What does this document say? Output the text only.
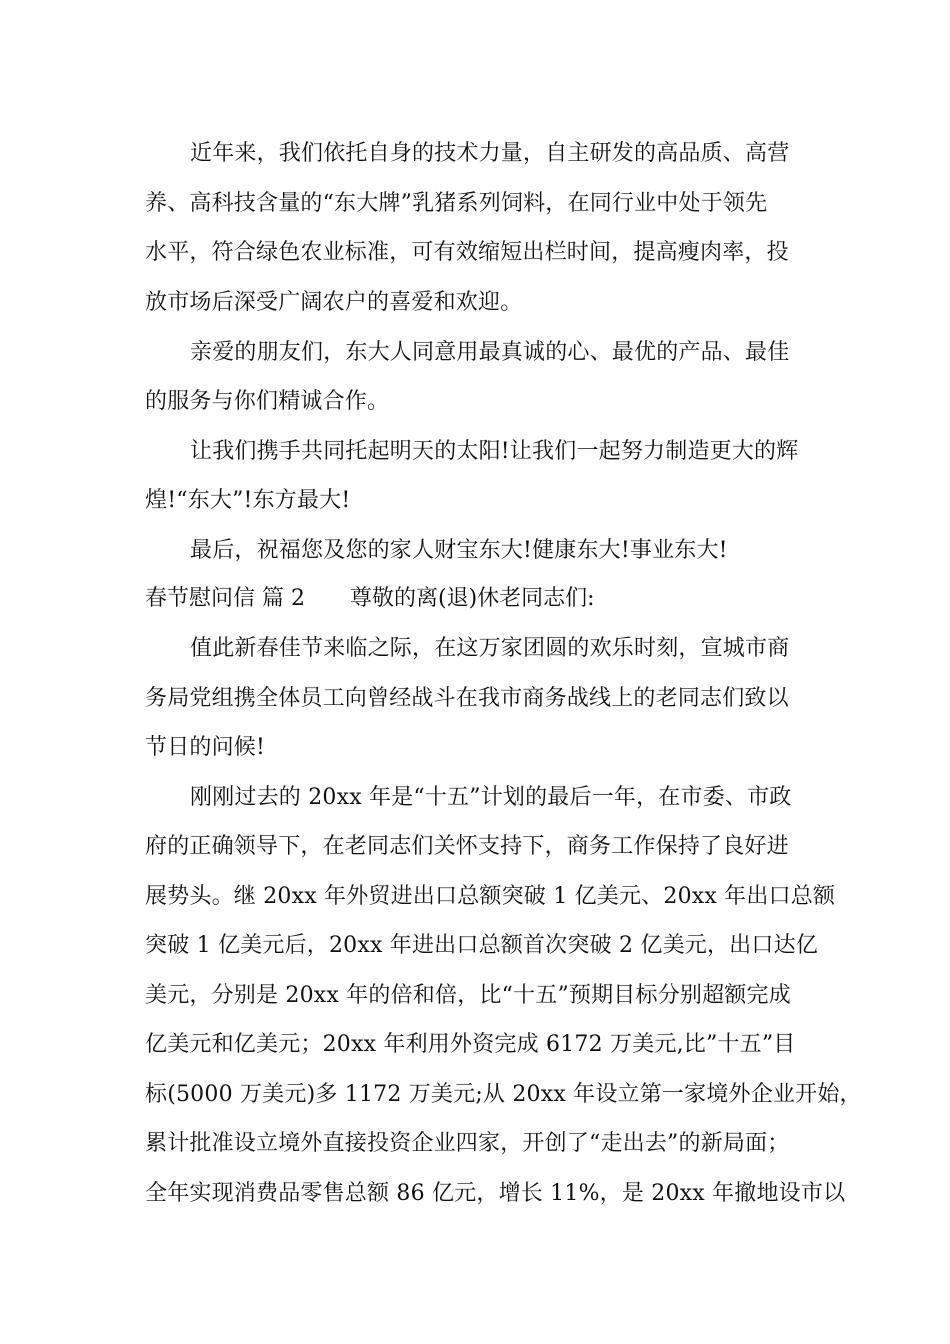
近年来，我们依托自身的技术力量，自主研发的高品质、高营
养、高科技含量的“东大牌”乳猪系列饲料，在同行业中处于领先
水平，符合绿色农业标准，可有效缩短出栏时间，提高瘦肉率，投
放市场后深受广阔农户的喜爱和欢迎。
亲爱的朋友们，东大人同意用最真诚的心、最优的产品、最佳
的服务与你们精诚合作。
让我们携手共同托起明天的太阳!让我们一起努力制造更大的辉
煌!“东大”!东方最大!
最后，祝福您及您的家人财宝东大!健康东大!事业东大!
春节慰问信 篇 2 尊敬的离(退)休老同志们:
值此新春佳节来临之际，在这万家团圆的欢乐时刻，宣城市商
务局党组携全体员工向曾经战斗在我市商务战线上的老同志们致以
节日的问候!
刚刚过去的 20xx 年是“十五”计划的最后一年，在市委、市政
府的正确领导下，在老同志们关怀支持下，商务工作保持了良好进
展势头。继 20xx 年外贸进出口总额突破 1 亿美元、20xx 年出口总额
突破 1 亿美元后，20xx 年进出口总额首次突破 2 亿美元，出口达亿
美元，分别是 20xx 年的倍和倍，比“十五”预期目标分别超额完成
亿美元和亿美元；20xx 年利用外资完成 6172 万美元,比”十五”目
标(5000 万美元)多 1172 万美元;从 20xx 年设立第一家境外企业开始，
累计批准设立境外直接投资企业四家，开创了“走出去”的新局面；
全年实现消费品零售总额 86 亿元，增长 11%，是 20xx 年撤地设市以
